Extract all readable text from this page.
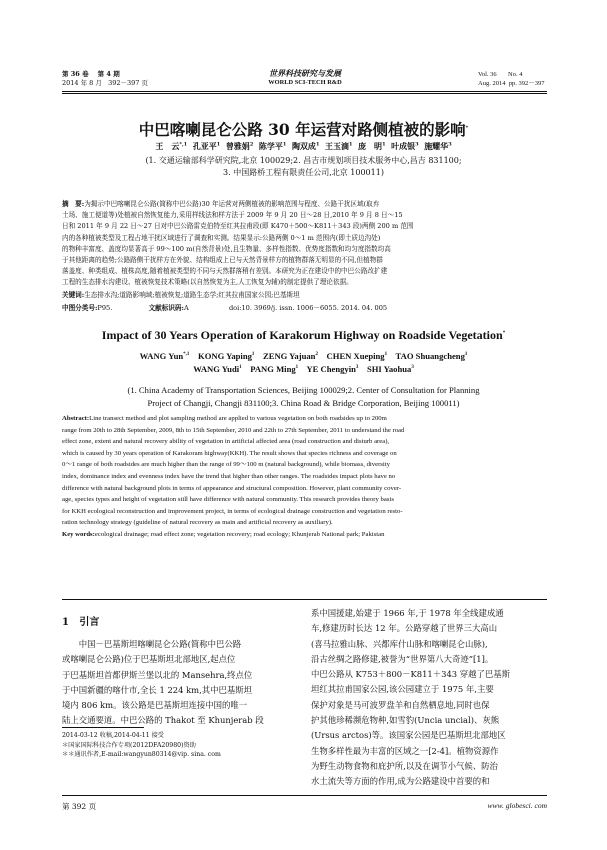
第 36 卷 第 4 期
2014 年 8 月 392－397 页
世界科技研究与发展
WORLD SCI-TECH R&D
Vol. 36 No. 4
Aug. 2014 pp. 392－397
中巴喀喇昆仑公路 30 年运营对路侧植被的影响*
王　云$^{*,1}$ 孔亚平$^1$ 曾雅娟$^2$ 陈学平$^1$ 陶双成$^1$ 王玉滴$^1$ 庞　明$^1$ 叶成银$^3$ 施耀华$^3$
(1. 交通运输部科学研究院,北京 100029;2. 昌吉市规划项目技术服务中心,昌吉 831100;
3. 中国路桥工程有限责任公司,北京 100011)
摘　要:为揭示中巴喀喇昆仑公路(简称中巴公路)30 年运营对两侧植被的影响范围与程度、公路干扰区域(取弃
土场、施工便道等)处植被自然恢复能力,采用样线法和样方法于 2009 年 9 月 20 日～28 日,2010 年 9 月 8 日～15
日和 2011 年 9 月 22 日～27 日对中巴公路雷克伯特至红其拉甫段(即 K470＋500～K811＋343 段)两侧 200 m 范围
内的各种植被类型及工程占地干扰区域进行了调查和实测。结果显示:公路两侧 0～1 m 范围内(即土质边沟处)
的物种丰富度、盖度均显著高于 99～100 m(自然背景)处,且生物量、多样性指数、优势度指数和均匀度指数均高
于其他距离的趋势;公路路侧干扰样方在外貌、结构组成上已与天然背景样方的植物群落无明显的不同,但植物群
落盖度、种类组成、植株高度,随着植被类型的不同与天然群落稍有差别。本研究为正在建设中的中巴公路改扩建
工程的生态排水沟建设、植被恢复技术策略(以自然恢复为主,人工恢复为辅)的制定提供了理论依据。
关键词:生态排水沟;道路影响域;植被恢复;道路生态学;红其拉甫国家公园;巴基斯坦
中图分类号:P95.	文献标识码:A	doi:10. 3969/j. issn. 1006－6055. 2014. 04. 005
Impact of 30 Years Operation of Karakorum Highway on Roadside Vegetation*
WANG Yun$^{*,1}$ KONG Yaping$^1$ ZENG Yajuan$^2$ CHEN Xueping$^1$ TAO Shuangcheng$^1$
WANG Yudi$^1$ PANG Ming$^1$ YE Chengyin$^3$ SHI Yaohua$^3$
(1. China Academy of Transportation Sciences, Beijing 100029;2. Center of Consultation for Planning
Project of Changji, Changji 831100;3. China Road & Bridge Corporation, Beijing 100011)
Abstract:Line transect method and plot sampling method are applied to various vegetation on both roadsides up to 200m
range from 20th to 28th September, 2009, 8th to 15th September, 2010 and 22th to 27th September, 2011 to understand the road
effect zone, extent and natural recovery ability of vegetation in artificial affected area (road construction and disturb area),
which is caused by 30 years operation of Karakoram highway(KKH). The result shows that species richness and coverage on
0～1 range of both roadsides are much higher than the range of 99～100 m (natural background), while biomass, diversity
index, dominance index and evenness index have the trend that higher than other ranges. The roadsides impact plots have no
difference with natural background plots in terms of appearance and structural composition. However, plant community cover-
age, species types and height of vegetation still have difference with natural community. This research provides theory basis
for KKH ecological reconstruction and improvement project, in terms of ecological drainage construction and vegetation resto-
ration technology strategy (guideline of natural recovery as main and artificial recovery as auxiliary).
Key words:ecological drainage; road effect zone; vegetation recovery; road ecology; Khunjerab National park; Pakistan
1 引言
　　中国－巴基斯坦喀喇昆仑公路(简称中巴公路
或喀喇昆仑公路)位于巴基斯坦北部地区,起点位
于巴基斯坦首都伊斯兰堡以北的 Mansehra,终点位
于中国新疆的喀什市,全长 1 224 km,其中巴基斯坦
境内 806 km。该公路是巴基斯坦连接中国的唯一
陆上交通要道。中巴公路的 Thakot 至 Khunjerab 段
2014-03-12 收稿,2014-04-11 接受
＊国家国际科技合作专项(2012DFA20980)资助
＊＊通讯作者,E-mail:wangyun80314@vip. sina. com
系中国援建,始建于 1966 年,于 1978 年全线建成通
车,修建历时长达 12 年。公路穿越了世界三大高山
(喜马拉雅山脉、兴都库什山脉和喀喇昆仑山脉),
沿古丝绸之路修建,被誉为“世界第八大奇迹”[1]。
中巴公路从 K753＋800－K811＋343 穿越了巴基斯
坦红其拉甫国家公园,该公园建立于 1975 年,主要
保护对象是马可波罗盘羊和自然栖息地,同时也保
护其他珍稀濒危物种,如雪豹(Uncia uncial)、灰熊
(Ursus arctos)等。该国家公园是巴基斯坦北部地区
生物多样性最为丰富的区域之一[2-4]。植物资源作
为野生动物食物和庇护所,以及在调节小气候、防治
水土流失等方面的作用,成为公路建设中首要的和
第 392 页	www. globesci. com
